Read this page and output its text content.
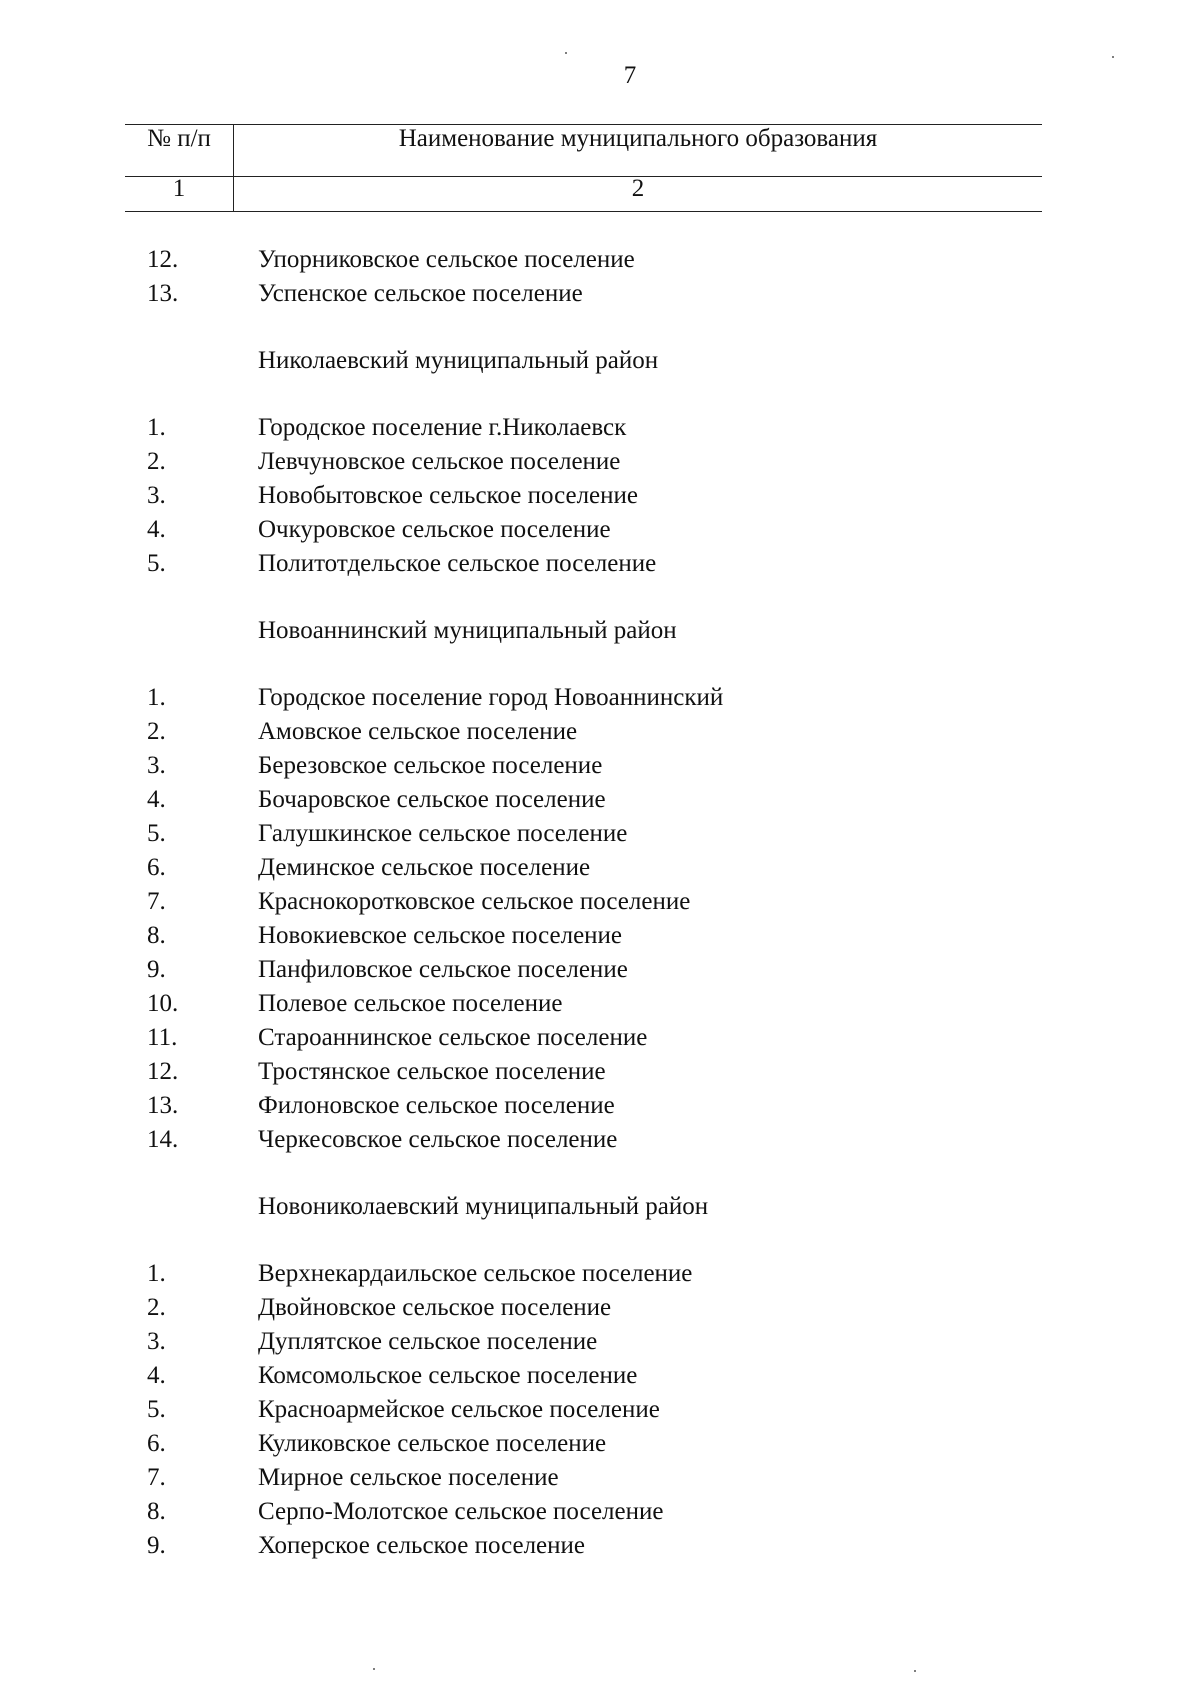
7
№ п/п	Наименование муниципального образования
1	2
12.	Упорниковское сельское поселение
13.	Успенское сельское поселение
Николаевский муниципальный район
1.	Городское поселение г.Николаевск
2.	Левчуновское сельское поселение
3.	Новобытовское сельское поселение
4.	Очкуровское сельское поселение
5.	Политотдельское сельское поселение
Новоаннинский муниципальный район
1.	Городское поселение город Новоаннинский
2.	Амовское сельское поселение
3.	Березовское сельское поселение
4.	Бочаровское сельское поселение
5.	Галушкинское сельское поселение
6.	Деминское сельское поселение
7.	Краснокоротковское сельское поселение
8.	Новокиевское сельское поселение
9.	Панфиловское сельское поселение
10.	Полевое сельское поселение
11.	Староаннинское сельское поселение
12.	Тростянское сельское поселение
13.	Филоновское сельское поселение
14.	Черкесовское сельское поселение
Новониколаевский муниципальный район
1.	Верхнекардаильское сельское поселение
2.	Двойновское сельское поселение
3.	Дуплятское сельское поселение
4.	Комсомольское сельское поселение
5.	Красноармейское сельское поселение
6.	Куликовское сельское поселение
7.	Мирное сельское поселение
8.	Серпо-Молотское сельское поселение
9.	Хоперское сельское поселение
